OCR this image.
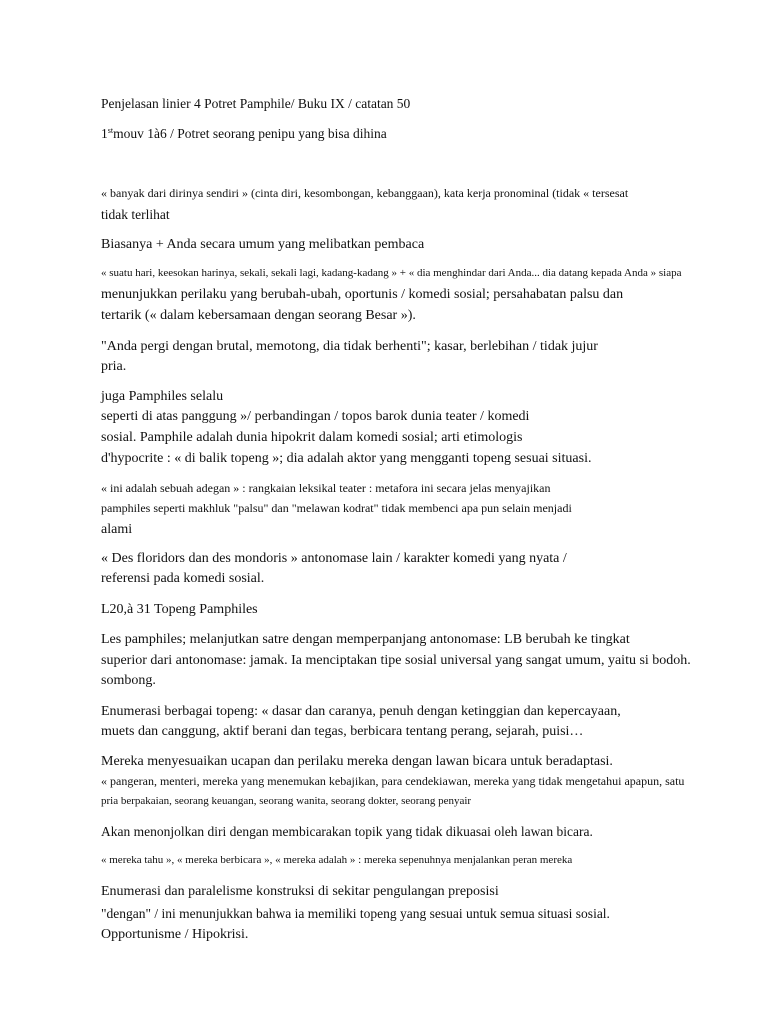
Penjelasan linier 4 Potret Pamphile/ Buku IX / catatan 50
1stmouv 1à6 / Potret seorang penipu yang bisa dihina
« banyak dari dirinya sendiri » (cinta diri, kesombongan, kebanggaan), kata kerja pronominal (tidak « tersesat
tidak terlihat
Biasanya + Anda secara umum yang melibatkan pembaca
« suatu hari, keesokan harinya, sekali, sekali lagi, kadang-kadang » + « dia menghindar dari Anda... dia datang kepada Anda » siapa
menunjukkan perilaku yang berubah-ubah, oportunis / komedi sosial; persahabatan palsu dan
tertarik (« dalam kebersamaan dengan seorang Besar »).
"Anda pergi dengan brutal, memotong, dia tidak berhenti"; kasar, berlebihan / tidak jujur
pria.
juga Pamphiles selalu
seperti di atas panggung »/ perbandingan / topos barok dunia teater / komedi
sosial. Pamphile adalah dunia hipokrit dalam komedi sosial; arti etimologis
d'hypocrite : « di balik topeng »; dia adalah aktor yang mengganti topeng sesuai situasi.
« ini adalah sebuah adegan » : rangkaian leksikal teater : metafora ini secara jelas menyajikan
pamphiles seperti makhluk "palsu" dan "melawan kodrat" tidak membenci apa pun selain menjadi
alami
« Des floridors dan des mondoris » antonomase lain / karakter komedi yang nyata /
referensi pada komedi sosial.
L20,à 31 Topeng Pamphiles
Les pamphiles; melanjutkan satre dengan memperpanjang antonomase: LB berubah ke tingkat
superior dari antonomase: jamak. Ia menciptakan tipe sosial universal yang sangat umum, yaitu si bodoh.
sombong.
Enumerasi berbagai topeng: « dasar dan caranya, penuh dengan ketinggian dan kepercayaan,
muets dan canggung, aktif berani dan tegas, berbicara tentang perang, sejarah, puisi…
Mereka menyesuaikan ucapan dan perilaku mereka dengan lawan bicara untuk beradaptasi.
« pangeran, menteri, mereka yang menemukan kebajikan, para cendekiawan, mereka yang tidak mengetahui apapun, satu
pria berpakaian, seorang keuangan, seorang wanita, seorang dokter, seorang penyair
Akan menonjolkan diri dengan membicarakan topik yang tidak dikuasai oleh lawan bicara.
« mereka tahu », « mereka berbicara », « mereka adalah » : mereka sepenuhnya menjalankan peran mereka
Enumerasi dan paralelisme konstruksi di sekitar pengulangan preposisi
"dengan" / ini menunjukkan bahwa ia memiliki topeng yang sesuai untuk semua situasi sosial.
Opportunisme / Hipokrisi.
